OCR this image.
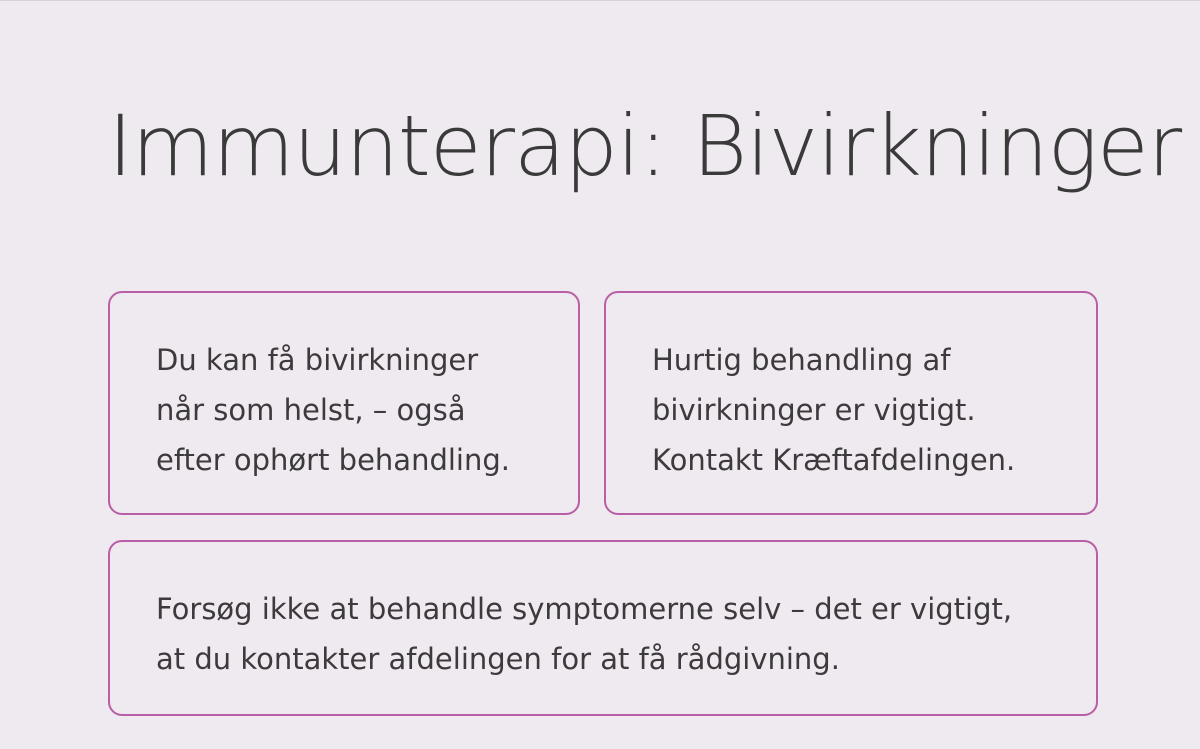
Immunterapi: Bivirkninger

Du kan få bivirkninger
når som helst, – også
efter ophørt behandling.

Hurtig behandling af
bivirkninger er vigtigt.
Kontakt Kræftafdelingen.

Forsøg ikke at behandle symptomerne selv – det er vigtigt,
at du kontakter afdelingen for at få rådgivning.
